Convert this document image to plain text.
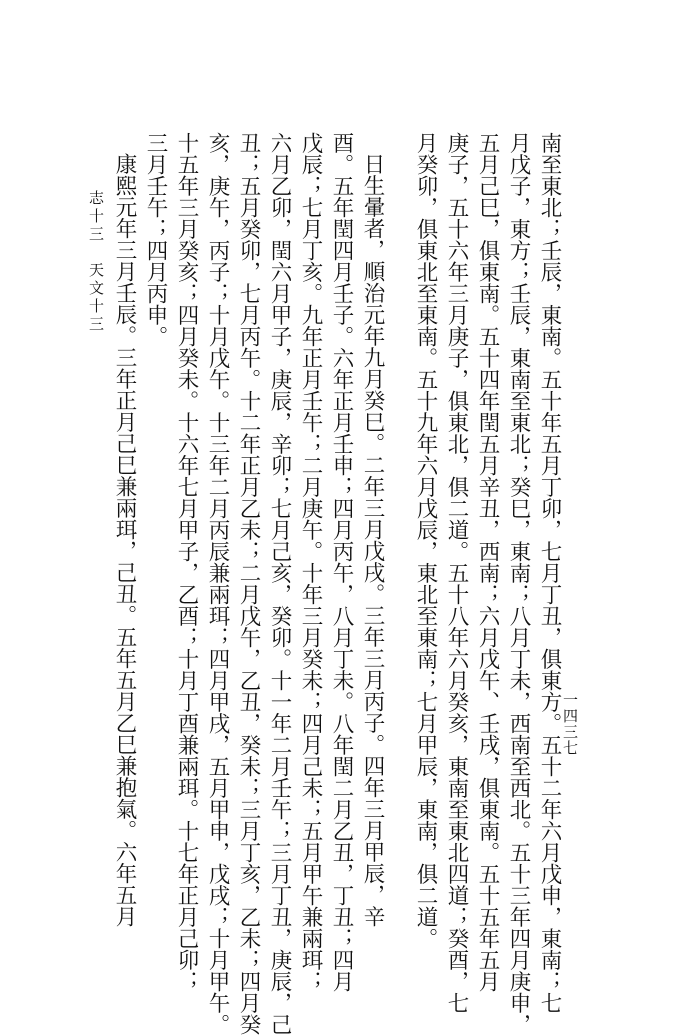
南至東北；壬辰，東南。五十年五月丁卯，七月丁丑，俱東方。五十二年六月戊申，東南；七
月戊子，東方；壬辰，東南至東北；癸巳，東南；八月丁未，西南至西北。五十三年四月庚申，
五月己巳，俱東南。五十四年閏五月辛丑，西南；六月戊午、壬戌，俱東南。五十五年五月
庚子，五十六年三月庚子，俱東北，俱二道。五十八年六月癸亥，東南至東北四道；癸酉，七
月癸卯，俱東北至東南。五十九年六月戊辰，東北至東南；七月甲辰，東南，俱二道。
日生暈者，順治元年九月癸巳。二年三月戊戌。三年三月丙子。四年三月甲辰，辛
酉。五年閏四月壬子。六年正月壬申；四月丙午，八月丁未。八年閏二月乙丑，丁丑；四月
戊辰；七月丁亥。九年正月壬午；二月庚午。十年三月癸未；四月己未；五月甲午兼兩珥；
六月乙卯，閏六月甲子，庚辰，辛卯；七月己亥，癸卯。十一年二月壬午；三月丁丑，庚辰，己
丑；五月癸卯，七月丙午。十二年正月乙未；二月戊午，乙丑，癸未；三月丁亥，乙未；四月癸
亥，庚午，丙子；十月戊午。十三年二月丙辰兼兩珥；四月甲戌，五月甲申，戊戌；十月甲午。
十五年三月癸亥；四月癸未。十六年七月甲子，乙酉；十月丁酉兼兩珥。十七年正月己卯；
三月壬午；四月丙申。
康熙元年三月壬辰。三年正月己巳兼兩珥，己丑。五年五月乙巳兼抱氣。六年五月
志十三　天文十三
一四三七
